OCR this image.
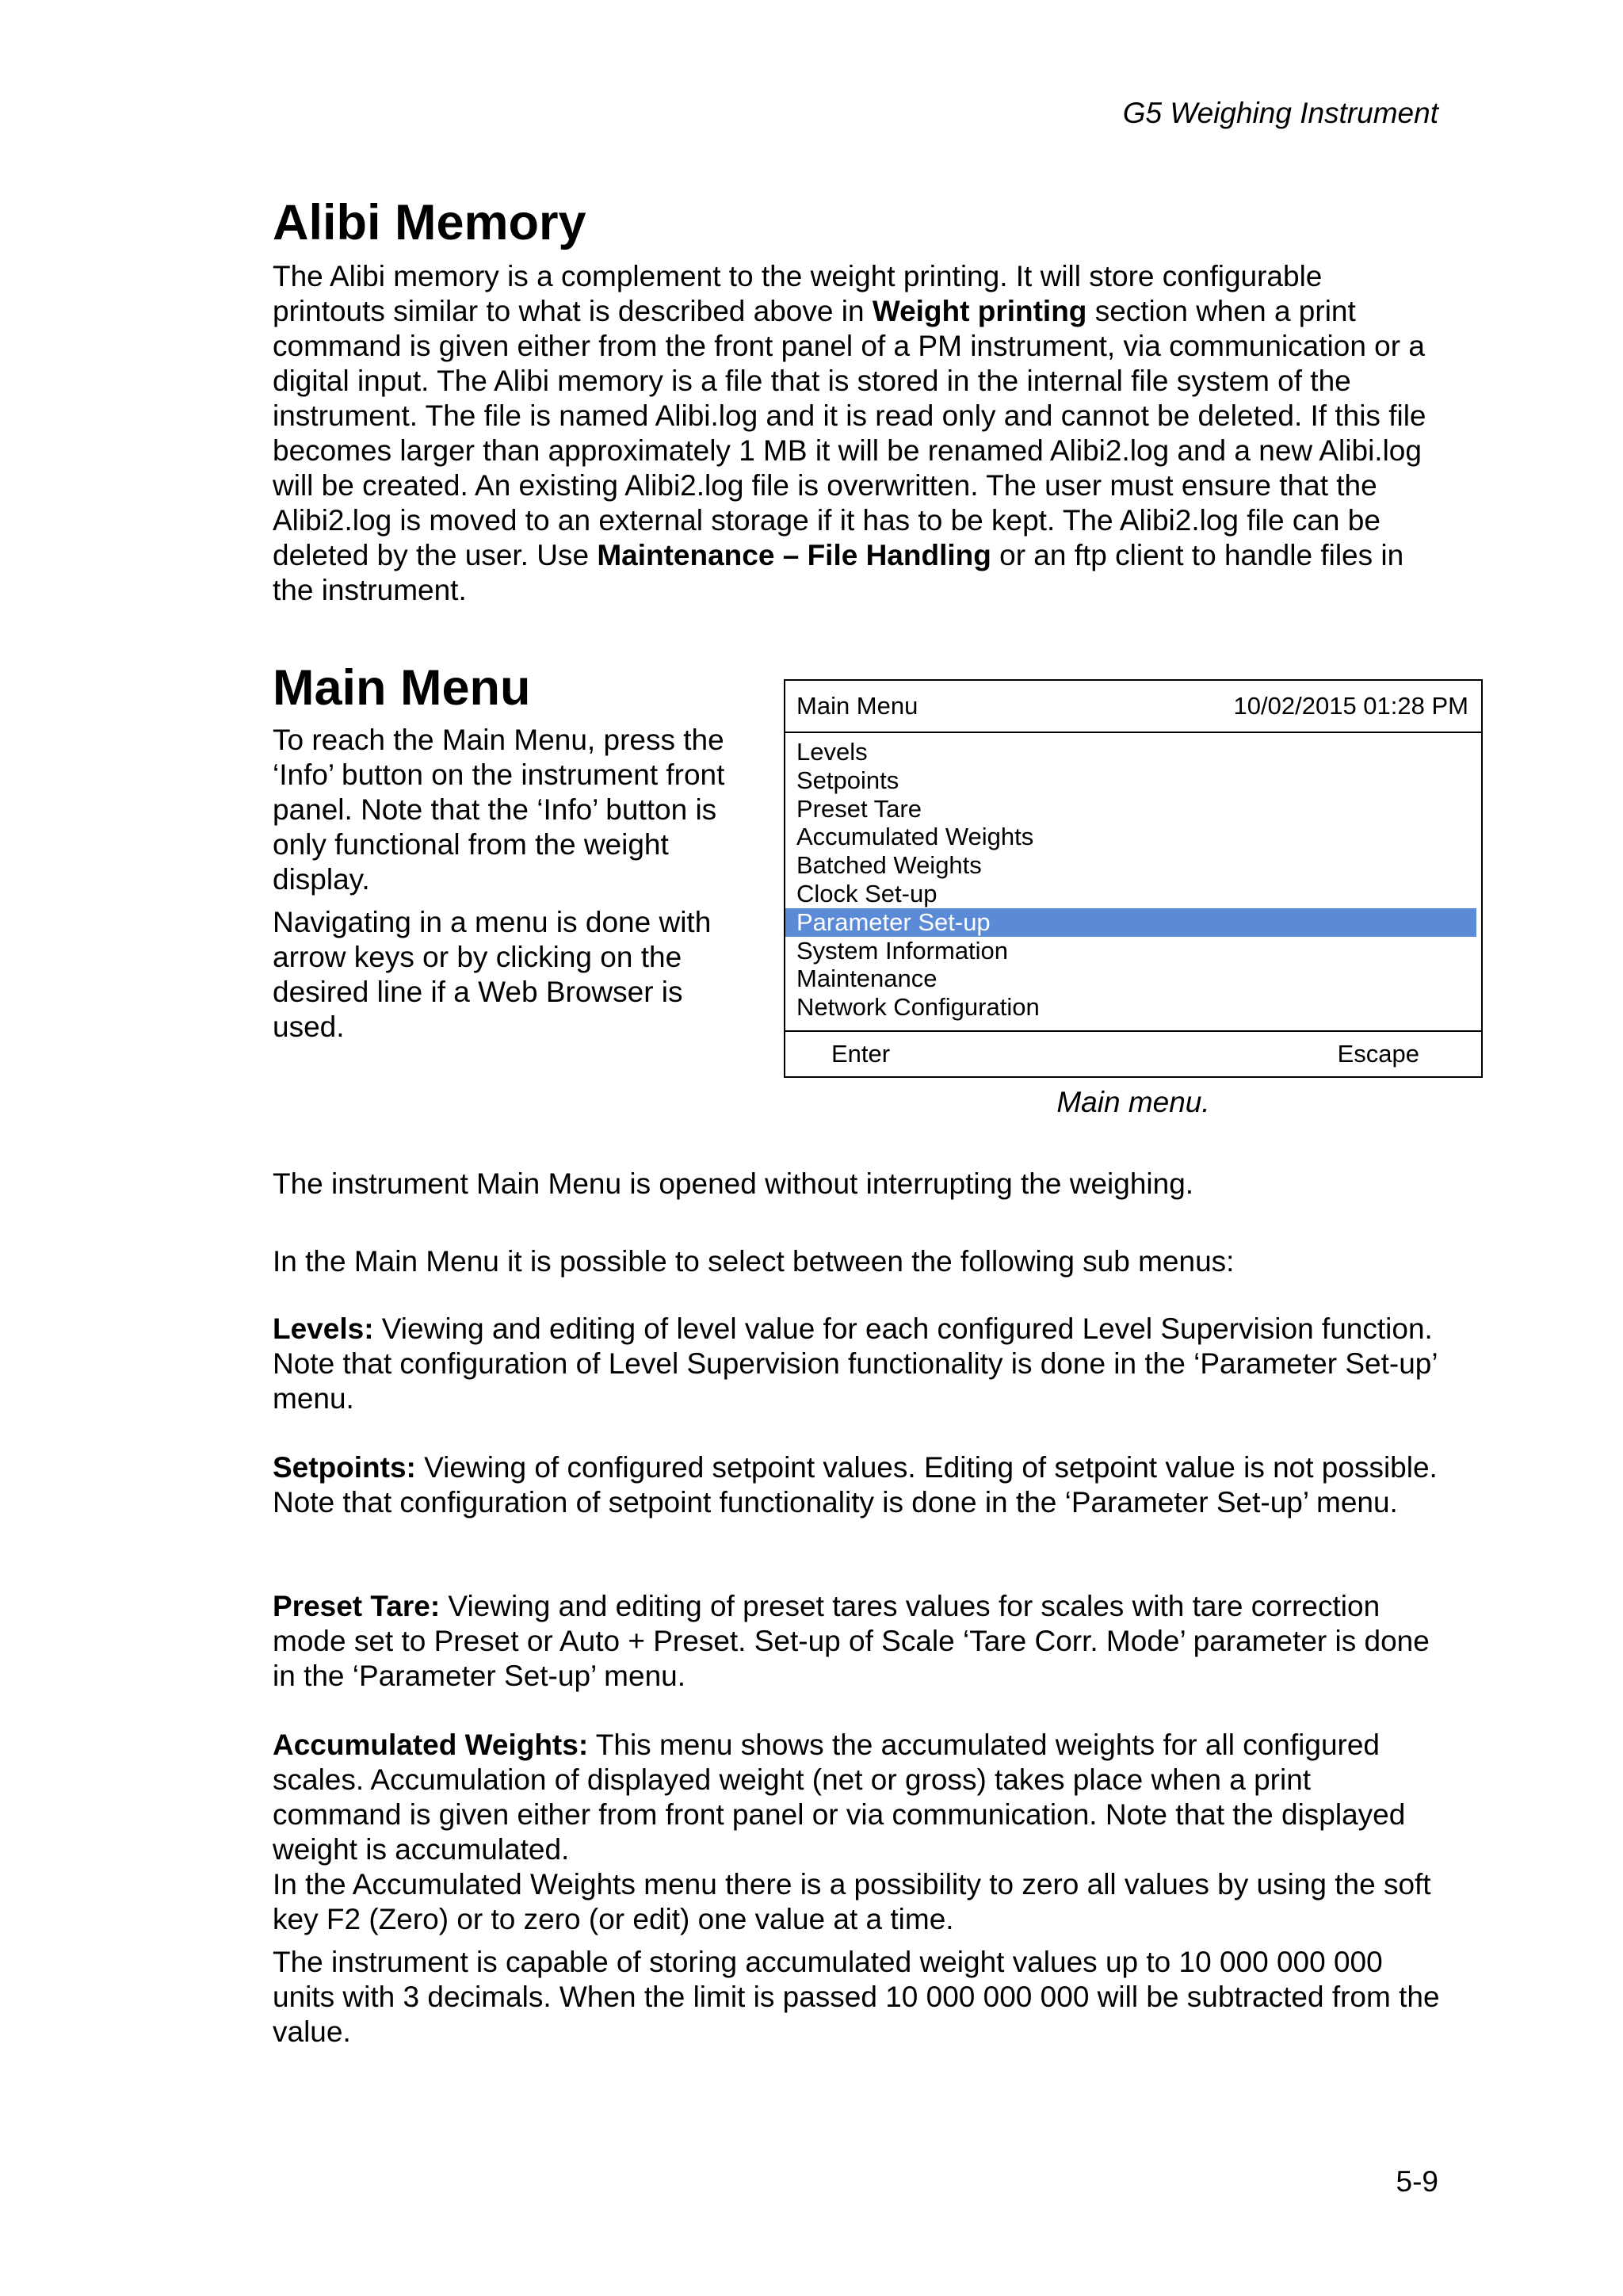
G5 Weighing Instrument
Alibi Memory
The Alibi memory is a complement to the weight printing. It will store configurable printouts similar to what is described above in Weight printing section when a print command is given either from the front panel of a PM instrument, via communication or a digital input. The Alibi memory is a file that is stored in the internal file system of the instrument. The file is named Alibi.log and it is read only and cannot be deleted. If this file becomes larger than approximately 1 MB it will be renamed Alibi2.log and a new Alibi.log will be created. An existing Alibi2.log file is overwritten. The user must ensure that the Alibi2.log is moved to an external storage if it has to be kept. The Alibi2.log file can be deleted by the user. Use Maintenance – File Handling or an ftp client to handle files in the instrument.
Main Menu

To reach the Main Menu, press the ‘Info’ button on the instrument front panel. Note that the ‘Info’ button is only functional from the weight display.

Navigating in a menu is done with arrow keys or by clicking on the desired line if a Web Browser is used.

Main Menu	10/02/2015 01:28 PM
Levels
Setpoints
Preset Tare
Accumulated Weights
Batched Weights
Clock Set-up
Parameter Set-up
System Information
Maintenance
Network Configuration
Enter	Escape
Main menu.
The instrument Main Menu is opened without interrupting the weighing.
In the Main Menu it is possible to select between the following sub menus:
Levels: Viewing and editing of level value for each configured Level Supervision function. Note that configuration of Level Supervision functionality is done in the ‘Parameter Set-up’ menu.
Setpoints: Viewing of configured setpoint values. Editing of setpoint value is not possible. Note that configuration of setpoint functionality is done in the ‘Parameter Set-up’ menu.
Preset Tare: Viewing and editing of preset tares values for scales with tare correction mode set to Preset or Auto + Preset. Set-up of Scale ‘Tare Corr. Mode’ parameter is done in the ‘Parameter Set-up’ menu.

Accumulated Weights: This menu shows the accumulated weights for all configured scales. Accumulation of displayed weight (net or gross) takes place when a print command is given either from front panel or via communication. Note that the displayed weight is accumulated.

In the Accumulated Weights menu there is a possibility to zero all values by using the soft key F2 (Zero) or to zero (or edit) one value at a time.

The instrument is capable of storing accumulated weight values up to 10 000 000 000 units with 3 decimals. When the limit is passed 10 000 000 000 will be subtracted from the value.

5-9
